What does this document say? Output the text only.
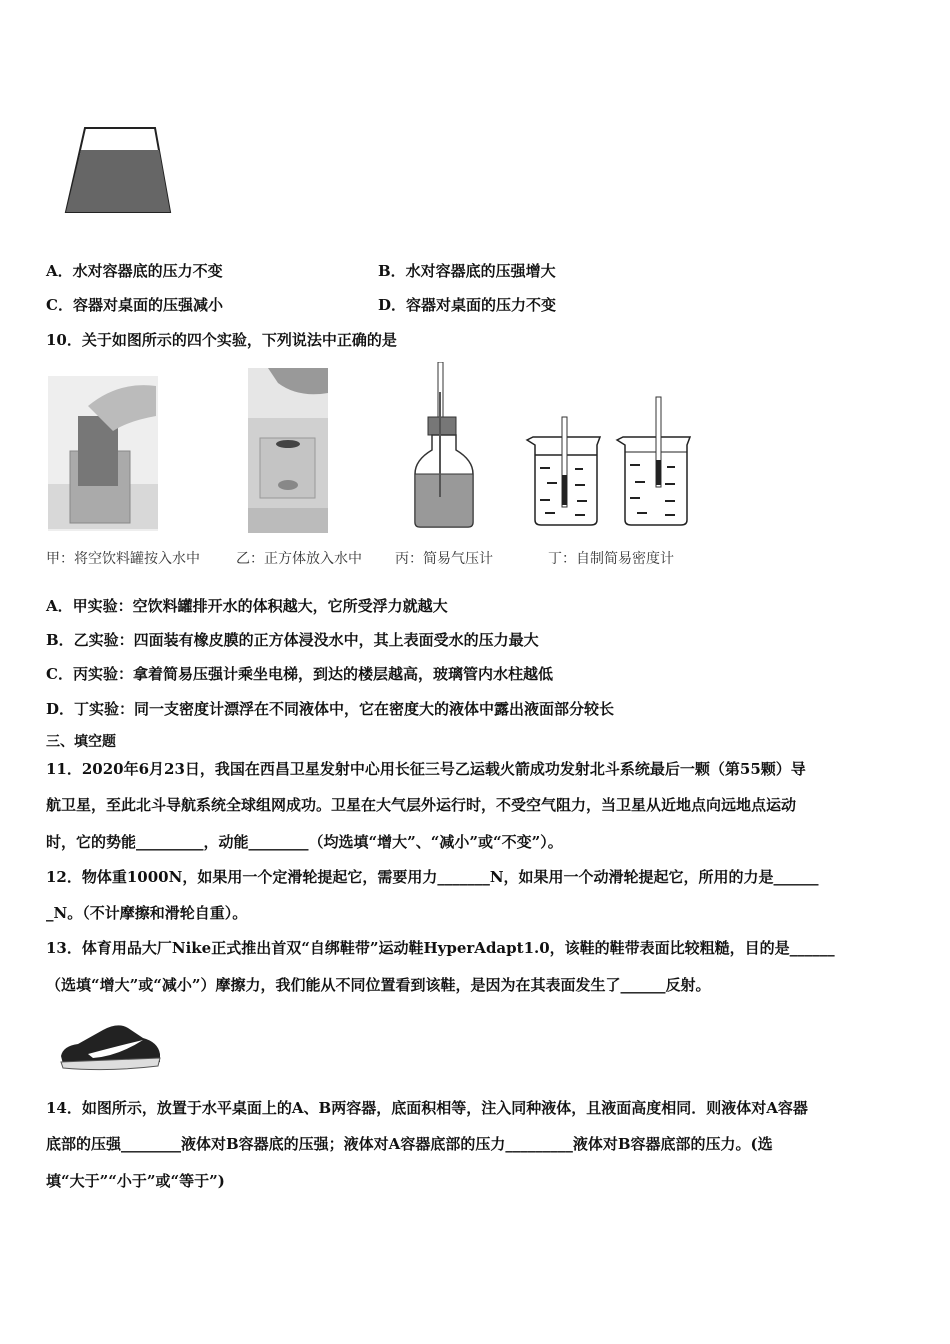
A．水对容器底的压力不变	B．水对容器底的压强增大
C．容器对桌面的压强减小	D．容器对桌面的压力不变
10．关于如图所示的四个实验，下列说法中正确的是
甲：将空饮料罐按入水中	乙：正方体放入水中 丙：简易气压计	丁：自制简易密度计
A．甲实验：空饮料罐排开水的体积越大，它所受浮力就越大
B．乙实验：四面装有橡皮膜的正方体浸没水中，其上表面受水的压力最大
C．丙实验：拿着简易压强计乘坐电梯，到达的楼层越高，玻璃管内水柱越低
D．丁实验：同一支密度计漂浮在不同液体中，它在密度大的液体中露出液面部分较长
三、填空题
11．2020年6月23日，我国在西昌卫星发射中心用长征三号乙运载火箭成功发射北斗系统最后一颗（第55颗）导
航卫星，至此北斗导航系统全球组网成功。卫星在大气层外运行时，不受空气阻力，当卫星从近地点向远地点运动
时，它的势能_________，动能________（均选填“增大”、“减小”或“不变”）。
12．物体重1000N，如果用一个定滑轮提起它，需要用力_______N，如果用一个动滑轮提起它，所用的力是______
_N。（不计摩擦和滑轮自重）。
13．体育用品大厂Nike正式推出首双“自绑鞋带”运动鞋HyperAdapt1.0，该鞋的鞋带表面比较粗糙，目的是______
（选填“增大”或“减小”）摩擦力，我们能从不同位置看到该鞋，是因为在其表面发生了______反射。
14．如图所示，放置于水平桌面上的A、B两容器，底面积相等，注入同种液体，且液面高度相同．则液体对A容器
底部的压强________液体对B容器底的压强；液体对A容器底部的压力_________液体对B容器底部的压力。(选
填“大于”“小于”或“等于”)
